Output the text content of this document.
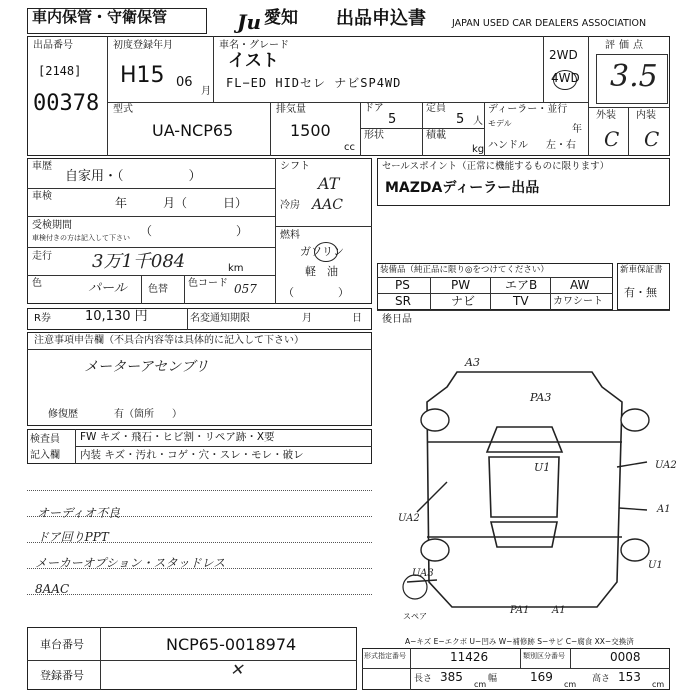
車内保管・守衛保管	Ju 愛知 出品申込書	JAPAN USED CAR DEALERS ASSOCIATION
出品番号
[2148]
00378
初度登録年月
H15 06
月
車名・グレード
イスト
FL−ED HIDセレ ナビSP4WD
2WD
4WD
評価点
3.5
外装 内装
C C
型式
UA-NCP65
排気量
1500
cc
ドア
5
定員
5 人
形状	積載
kg
ディーラー・並行
モデル
年
ハンドル 左・右
車歴
自家用・（　　　　　）
車検	年　　　月（　　　日）
受検期間
車検付きの方は記入して下さい （　　　　　　　）
走行 3万1千084	km
色	パール 色替
色コード 057
シフト
AT
冷房 AAC
燃料
ガソリン
軽　油
（　　　　）
セールスポイント（正常に機能するものに限ります）
MAZDAディーラー出品
装備品（純正品に限り◎をつけてください）
PS	PW	エアB	AW
SR	ナビ	TV カワシート
新車保証書
有・無
R券	10,130 円	名変通知期限	月	日 後日品
注意事項申告欄（不具合内容等は具体的に記入して下さい）
メーターアセンブリ
修復歴	有（箇所 ）
検査員
記入欄
FW キズ・飛石・ヒビ割・リペア跡・X要
内装 キズ・汚れ・コゲ・穴・スレ・モレ・破レ
オーディオ不良
ドア回りPPT
メーカーオプション・スタッドレス
8AAC
A3
PA3
U1	UA2
A1
UA2
UA3
PA1 A1
U1
スペア
A−キズ E−エクボ U−凹み W−補修跡 S−サビ C−腐食 XX−交換済
車台番号	NCP65-0018974
登録番号	✕
形式指定番号	11426	類別区分番号	0008
長さ 385
cm
幅	169
cm
高さ 153
cm
